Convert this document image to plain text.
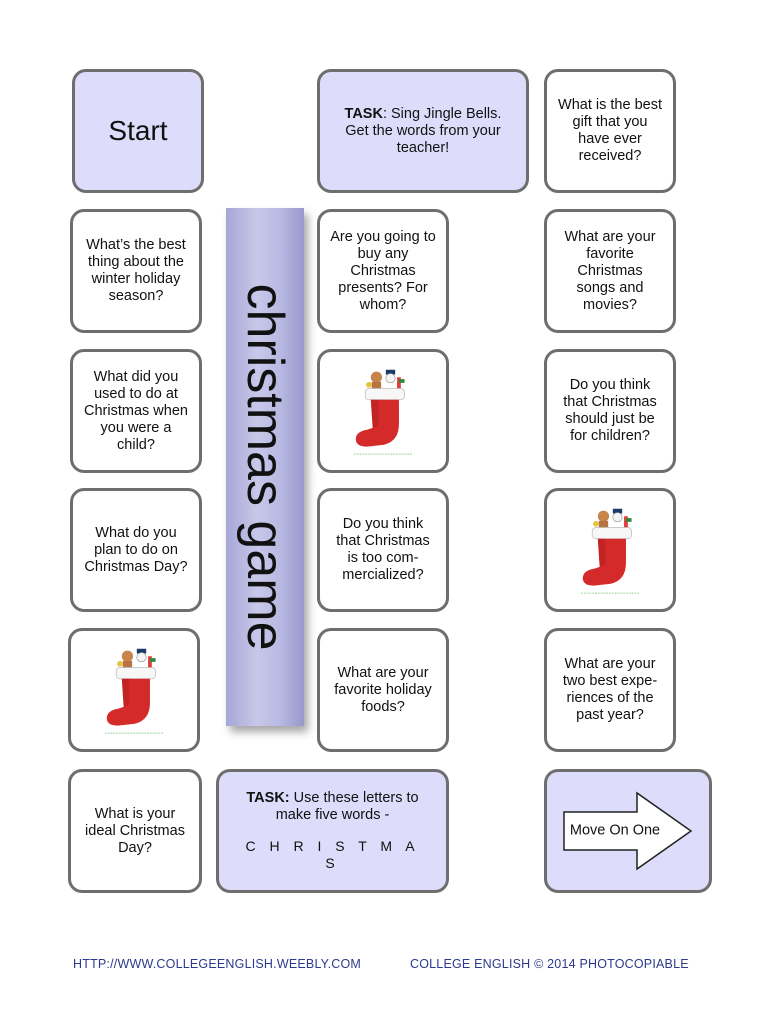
Start
TASK: Sing Jingle Bells. Get the words from your teacher!
What is the best gift that you have ever received?
What’s the best thing about the winter holiday season?
Are you going to buy any Christmas presents? For whom?
What are your favorite Christmas songs and movies?
What did you used to do at Christmas when you were a child?
Do you think that Christmas should just be for children?
What do you plan to do on Christmas Day?
Do you think that Christmas is too com- mercialized?
What are your favorite holiday foods?
What are your two best expe- riences of the past year?
What is your ideal Christmas Day?
TASK: Use these letters to make five words -
C H R I S T M A S
Move On One
christmas game
HTTP://WWW.COLLEGEENGLISH.WEEBLY.COM	COLLEGE ENGLISH © 2014 PHOTOCOPIABLE
